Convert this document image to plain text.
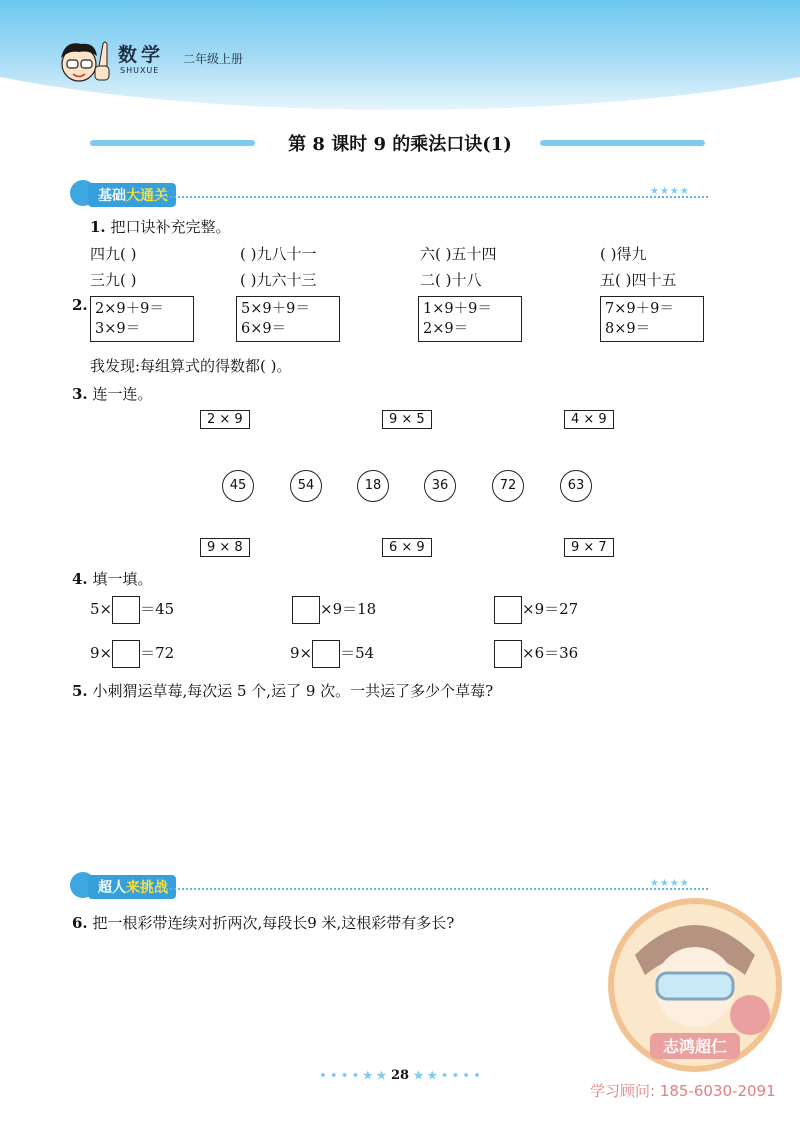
数学
SHUXUE
二年级上册
第 8 课时 9 的乘法口诀(1)
基础大通关	★★★★
1. 把口诀补充完整。
四九( )	( )九八十一	六( )五十四	( )得九
三九( )	( )九六十三	二( )十八	五( )四十五
2. 2×9＋9＝
3×9＝
5×9＋9＝
6×9＝
1×9＋9＝
2×9＝
7×9＋9＝
8×9＝
我发现:每组算式的得数都( )。
3. 连一连。
2 × 9	9 × 5	4 × 9
45	54	18	36	72	63
9 × 8	6 × 9	9 × 7
4. 填一填。
5× ＝45	×9＝18	×9＝27
9× ＝72	9× ＝54	×6＝36
5. 小刺猬运草莓,每次运 5 个,运了 9 次。一共运了多少个草莓?
超人来挑战	★★★★
6. 把一根彩带连续对折两次,每段长9 米,这根彩带有多长?
志鸿超仁
• • • • ★ ★ 28 ★ ★ • • • •
学习顾问: 185-6030-2091
